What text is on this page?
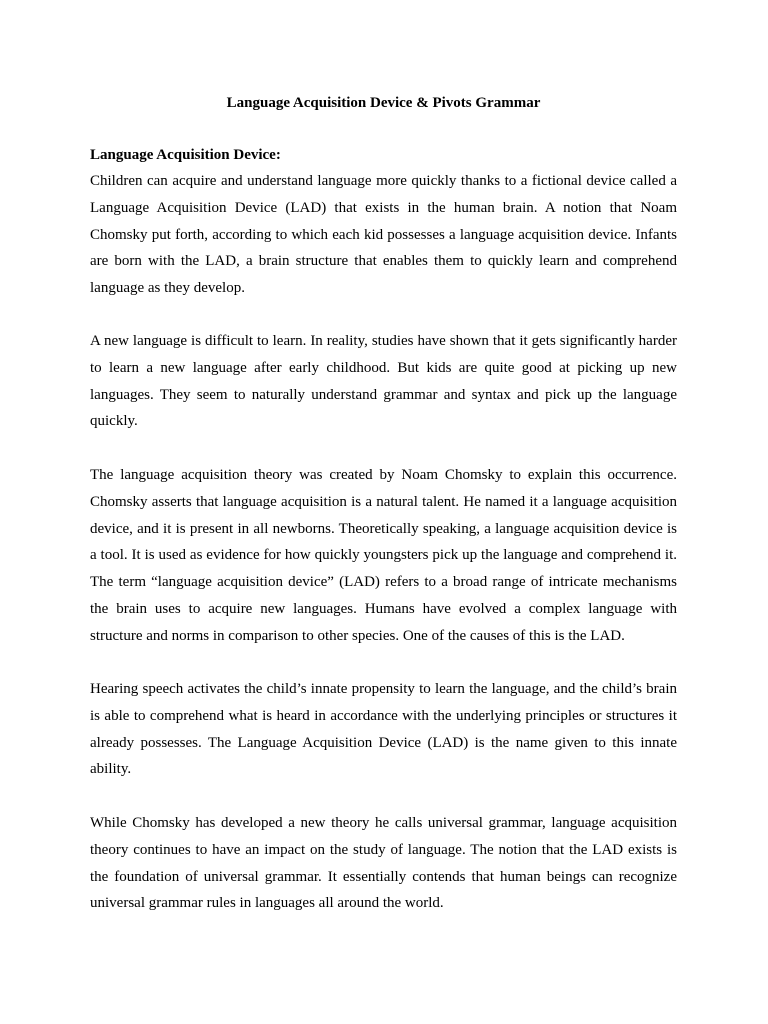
Language Acquisition Device & Pivots Grammar
Language Acquisition Device:

Children can acquire and understand language more quickly thanks to a fictional device called a Language Acquisition Device (LAD) that exists in the human brain. A notion that Noam Chomsky put forth, according to which each kid possesses a language acquisition device. Infants are born with the LAD, a brain structure that enables them to quickly learn and comprehend language as they develop.

A new language is difficult to learn. In reality, studies have shown that it gets significantly harder to learn a new language after early childhood. But kids are quite good at picking up new languages. They seem to naturally understand grammar and syntax and pick up the language quickly.

The language acquisition theory was created by Noam Chomsky to explain this occurrence. Chomsky asserts that language acquisition is a natural talent. He named it a language acquisition device, and it is present in all newborns. Theoretically speaking, a language acquisition device is a tool. It is used as evidence for how quickly youngsters pick up the language and comprehend it. The term “language acquisition device” (LAD) refers to a broad range of intricate mechanisms the brain uses to acquire new languages. Humans have evolved a complex language with structure and norms in comparison to other species. One of the causes of this is the LAD.

Hearing speech activates the child’s innate propensity to learn the language, and the child’s brain is able to comprehend what is heard in accordance with the underlying principles or structures it already possesses. The Language Acquisition Device (LAD) is the name given to this innate ability.

While Chomsky has developed a new theory he calls universal grammar, language acquisition theory continues to have an impact on the study of language. The notion that the LAD exists is the foundation of universal grammar. It essentially contends that human beings can recognize universal grammar rules in languages all around the world.
